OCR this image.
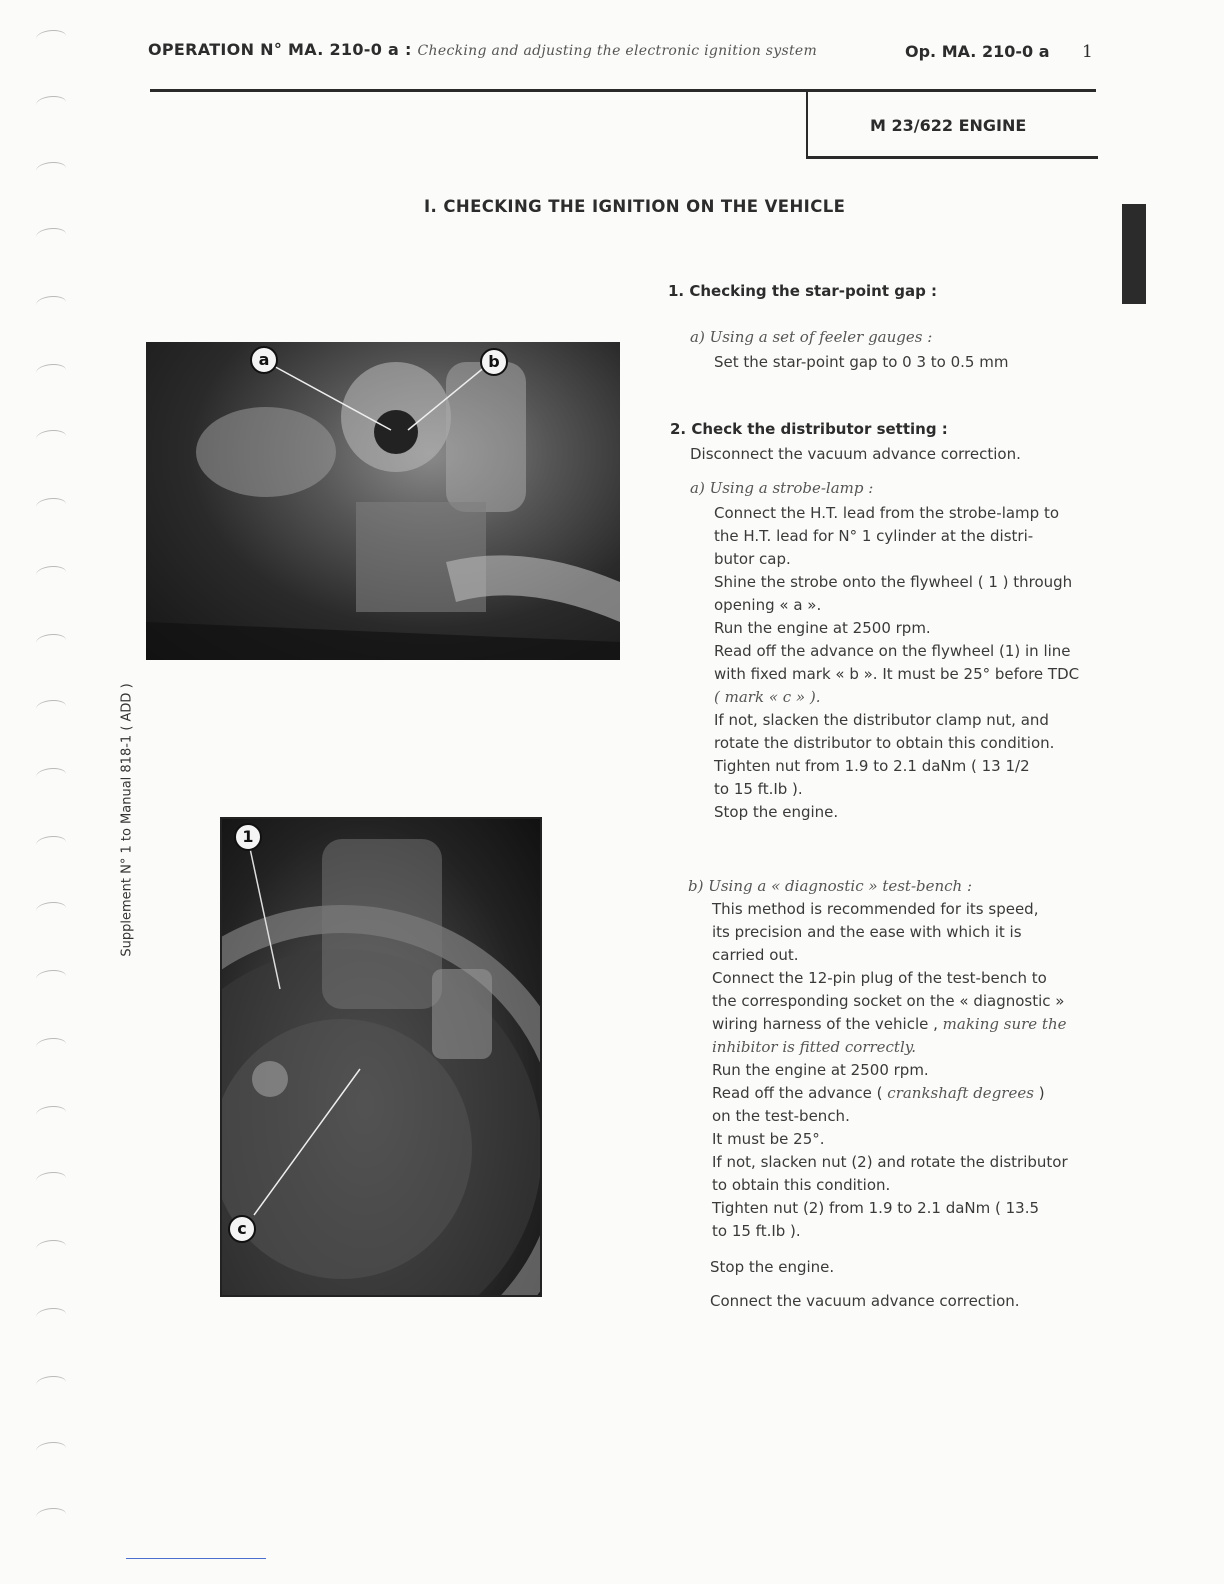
OPERATION N° MA. 210-0 a : Checking and adjusting the electronic ignition system	Op. MA. 210-0 a 1
M 23/622 ENGINE
Supplement N° 1 to Manual 818-1 ( ADD )
I. CHECKING THE IGNITION ON THE VEHICLE
a	b
1
c
1. Checking the star-point gap :
a) Using a set of feeler gauges :
Set the star-point gap to 0 3 to 0.5 mm
2. Check the distributor setting :
Disconnect the vacuum advance correction.
a) Using a strobe-lamp :
Connect the H.T. lead from the strobe-lamp to
the H.T. lead for N° 1 cylinder at the distri-
butor cap.
Shine the strobe onto the flywheel ( 1 ) through
opening « a ».
Run the engine at 2500 rpm.
Read off the advance on the flywheel (1) in line
with fixed mark « b ». It must be 25° before TDC
( mark « c » ).
If not, slacken the distributor clamp nut, and
rotate the distributor to obtain this condition.
Tighten nut from 1.9 to 2.1 daNm ( 13 1/2
to 15 ft.Ib ).
Stop the engine.
b) Using a « diagnostic » test-bench :
This method is recommended for its speed,
its precision and the ease with which it is
carried out.
Connect the 12-pin plug of the test-bench to
the corresponding socket on the « diagnostic »
wiring harness of the vehicle , making sure the
inhibitor is fitted correctly.
Run the engine at 2500 rpm.
Read off the advance ( crankshaft degrees )
on the test-bench.
It must be 25°.
If not, slacken nut (2) and rotate the distributor
to obtain this condition.
Tighten nut (2) from 1.9 to 2.1 daNm ( 13.5
to 15 ft.Ib ).
Stop the engine.
Connect the vacuum advance correction.
